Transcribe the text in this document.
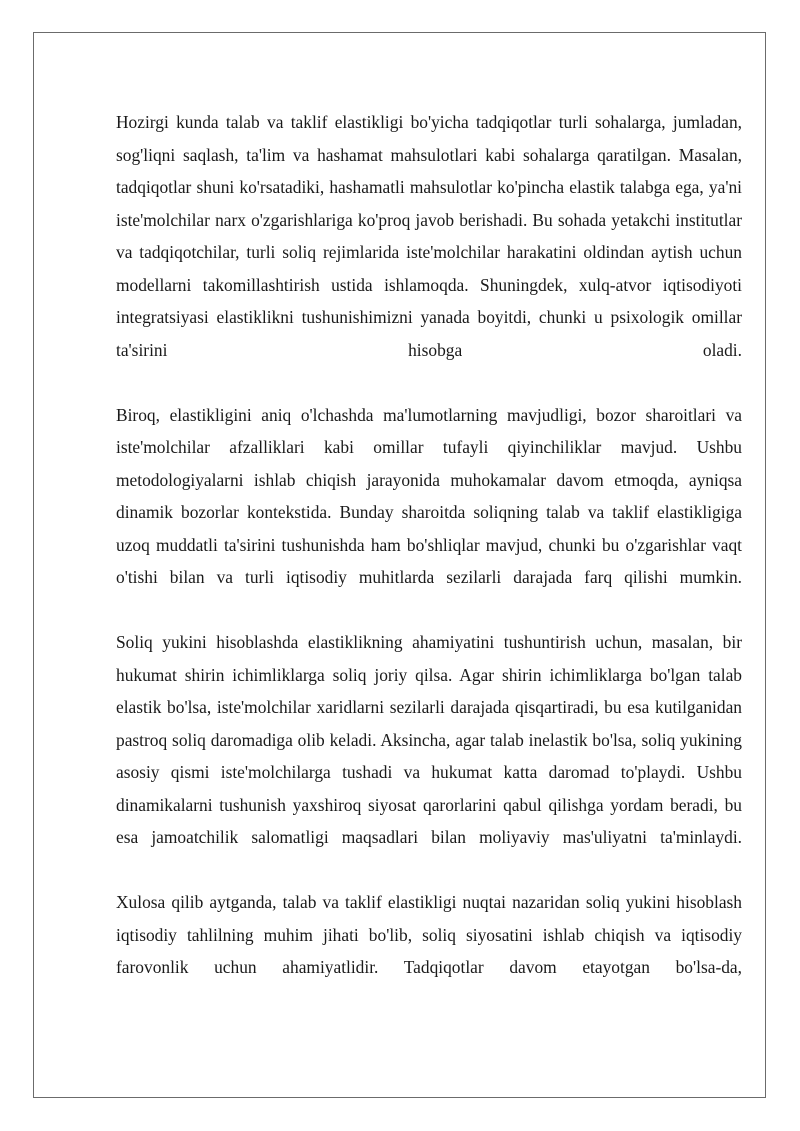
Hozirgi kunda talab va taklif elastikligi bo'yicha tadqiqotlar turli sohalarga, jumladan, sog'liqni saqlash, ta'lim va hashamat mahsulotlari kabi sohalarga qaratilgan. Masalan, tadqiqotlar shuni ko'rsatadiki, hashamatli mahsulotlar ko'pincha elastik talabga ega, ya'ni iste'molchilar narx o'zgarishlariga ko'proq javob berishadi. Bu sohada yetakchi institutlar va tadqiqotchilar, turli soliq rejimlarida iste'molchilar harakatini oldindan aytish uchun modellarni takomillashtirish ustida ishlamoqda. Shuningdek, xulq-atvor iqtisodiyoti integratsiyasi elastiklikni tushunishimizni yanada boyitdi, chunki u psixologik omillar ta'sirini hisobga oladi.

Biroq, elastikligini aniq o'lchashda ma'lumotlarning mavjudligi, bozor sharoitlari va iste'molchilar afzalliklari kabi omillar tufayli qiyinchiliklar mavjud. Ushbu metodologiyalarni ishlab chiqish jarayonida muhokamalar davom etmoqda, ayniqsa dinamik bozorlar kontekstida. Bunday sharoitda soliqning talab va taklif elastikligiga uzoq muddatli ta'sirini tushunishda ham bo'shliqlar mavjud, chunki bu o'zgarishlar vaqt o'tishi bilan va turli iqtisodiy muhitlarda sezilarli darajada farq qilishi mumkin.

Soliq yukini hisoblashda elastiklikning ahamiyatini tushuntirish uchun, masalan, bir hukumat shirin ichimliklarga soliq joriy qilsa. Agar shirin ichimliklarga bo'lgan talab elastik bo'lsa, iste'molchilar xaridlarni sezilarli darajada qisqartiradi, bu esa kutilganidan pastroq soliq daromadiga olib keladi. Aksincha, agar talab inelastik bo'lsa, soliq yukining asosiy qismi iste'molchilarga tushadi va hukumat katta daromad to'playdi. Ushbu dinamikalarni tushunish yaxshiroq siyosat qarorlarini qabul qilishga yordam beradi, bu esa jamoatchilik salomatligi maqsadlari bilan moliyaviy mas'uliyatni ta'minlaydi.

Xulosa qilib aytganda, talab va taklif elastikligi nuqtai nazaridan soliq yukini hisoblash iqtisodiy tahlilning muhim jihati bo'lib, soliq siyosatini ishlab chiqish va iqtisodiy farovonlik uchun ahamiyatlidir. Tadqiqotlar davom etayotgan bo'lsa-da,
